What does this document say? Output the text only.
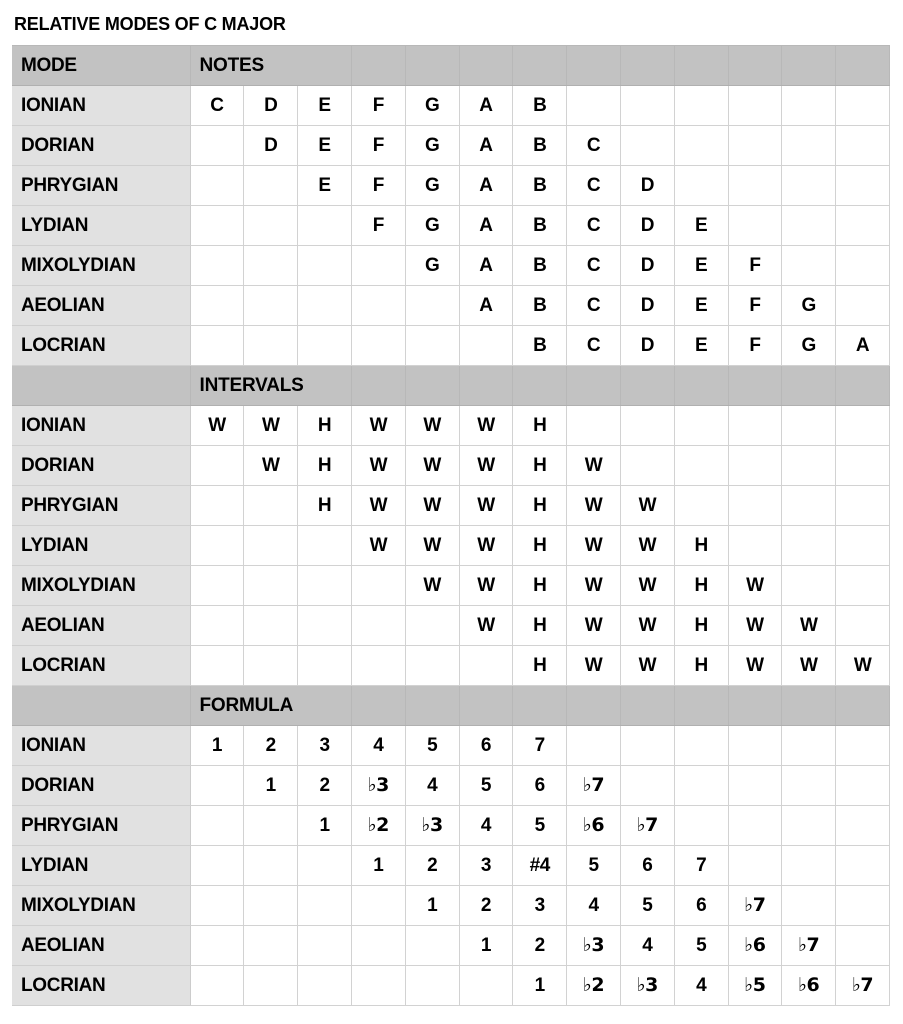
RELATIVE MODES OF C MAJOR
MODE	NOTES												
IONIAN	C	D	E	F	G	A	B						
DORIAN		D	E	F	G	A	B	C					
PHRYGIAN			E	F	G	A	B	C	D				
LYDIAN				F	G	A	B	C	D	E			
MIXOLYDIAN					G	A	B	C	D	E	F		
AEOLIAN						A	B	C	D	E	F	G	
LOCRIAN							B	C	D	E	F	G	A
	INTERVALS												
IONIAN	W	W	H	W	W	W	H						
DORIAN		W	H	W	W	W	H	W					
PHRYGIAN			H	W	W	W	H	W	W				
LYDIAN				W	W	W	H	W	W	H			
MIXOLYDIAN					W	W	H	W	W	H	W		
AEOLIAN						W	H	W	W	H	W	W	
LOCRIAN							H	W	W	H	W	W	W
	FORMULA												
IONIAN	1	2	3	4	5	6	7						
DORIAN		1	2	♭3	4	5	6	♭7					
PHRYGIAN			1	♭2	♭3	4	5	♭6	♭7				
LYDIAN				1	2	3	#4	5	6	7			
MIXOLYDIAN					1	2	3	4	5	6	♭7		
AEOLIAN						1	2	♭3	4	5	♭6	♭7	
LOCRIAN							1	♭2	♭3	4	♭5	♭6	♭7
